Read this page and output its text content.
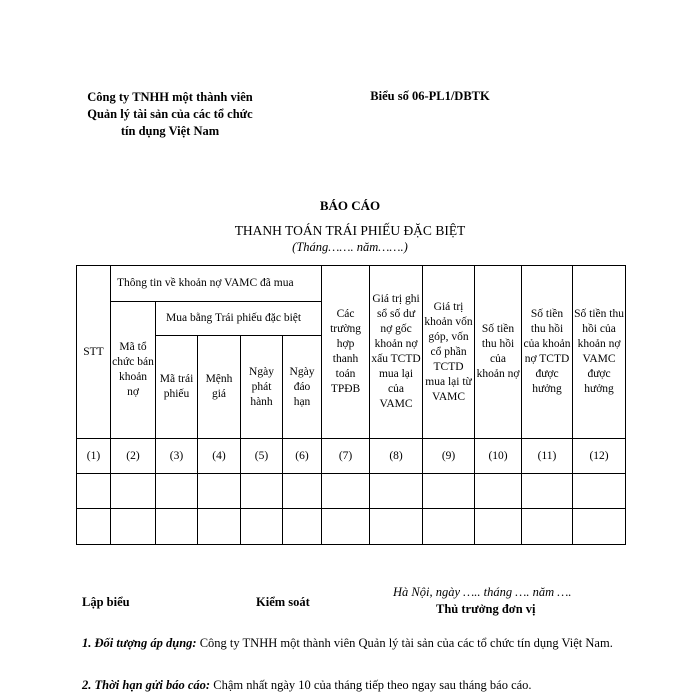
Công ty TNHH một thành viên Quản lý tài sản của các tổ chức tín dụng Việt Nam
Biểu số 06-PL1/DBTK
BÁO CÁO
THANH TOÁN TRÁI PHIẾU ĐẶC BIỆT
(Tháng……. năm…….)
STT	Thông tin về khoản nợ VAMC đã mua					Các trường hợp thanh toán TPĐB	Giá trị ghi sổ số dư nợ gốc khoản nợ xấu TCTD mua lại của VAMC	Giá trị khoản vốn góp, vốn cổ phần TCTD mua lại từ VAMC	Số tiền thu hồi của khoản nợ	Số tiền thu hồi của khoản nợ TCTD được hưởng	Số tiền thu hồi của khoản nợ VAMC được hưởng
	Mã tổ chức bán khoản nợ	Mua bằng Trái phiếu đặc biệt									
		Mã trái phiếu	Mệnh giá	Ngày phát hành	Ngày đáo hạn						
(1)	(2)	(3)	(4)	(5)	(6)	(7)	(8)	(9)	(10)	(11)	(12)

Lập biểu	Kiểm soát
Hà Nội, ngày ….. tháng …. năm ….
Thủ trưởng đơn vị
1. Đối tượng áp dụng: Công ty TNHH một thành viên Quản lý tài sản của các tổ chức tín dụng Việt Nam.
2. Thời hạn gửi báo cáo: Chậm nhất ngày 10 của tháng tiếp theo ngay sau tháng báo cáo.
